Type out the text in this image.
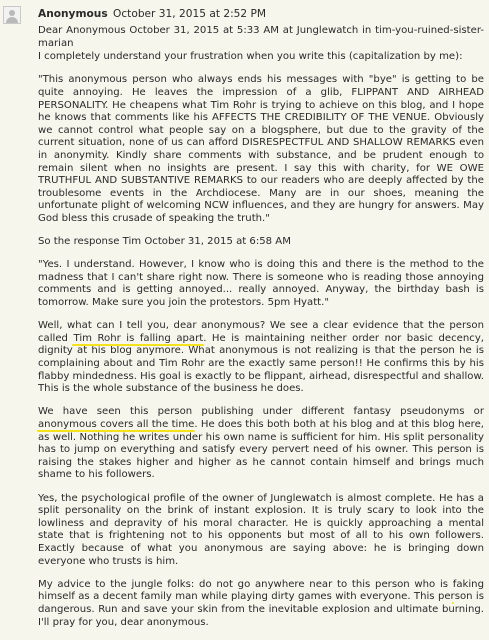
Anonymous October 31, 2015 at 2:52 PM

Dear Anonymous October 31, 2015 at 5:33 AM at Junglewatch in tim-you-ruined-sister-marian

I completely understand your frustration when you write this (capitalization by me):

"This anonymous person who always ends his messages with "bye" is getting to be quite annoying. He leaves the impression of a glib, FLIPPANT AND AIRHEAD PERSONALITY. He cheapens what Tim Rohr is trying to achieve on this blog, and I hope he knows that comments like his AFFECTS THE CREDIBILITY OF THE VENUE. Obviously we cannot control what people say on a blogsphere, but due to the gravity of the current situation, none of us can afford DISRESPECTFUL AND SHALLOW REMARKS even in anonymity. Kindly share comments with substance, and be prudent enough to remain silent when no insights are present. I say this with charity, for WE OWE TRUTHFUL AND SUBSTANTIVE REMARKS to our readers who are deeply affected by the troublesome events in the Archdiocese. Many are in our shoes, meaning the unfortunate plight of welcoming NCW influences, and they are hungry for answers. May God bless this crusade of speaking the truth."

So the response Tim October 31, 2015 at 6:58 AM

"Yes. I understand. However, I know who is doing this and there is the method to the madness that I can't share right now. There is someone who is reading those annoying comments and is getting annoyed... really annoyed. Anyway, the birthday bash is tomorrow. Make sure you join the protestors. 5pm Hyatt."

Well, what can I tell you, dear anonymous? We see a clear evidence that the person called Tim Rohr is falling apart. He is maintaining neither order nor basic decency, dignity at his blog anymore. What anonymous is not realizing is that the person he is complaining about and Tim Rohr are the exactly same person!! He confirms this by his flabby mindedness. His goal is exactly to be flippant, airhead, disrespectful and shallow. This is the whole substance of the business he does.

We have seen this person publishing under different fantasy pseudonyms or anonymous covers all the time. He does this both both at his blog and at this blog here, as well. Nothing he writes under his own name is sufficient for him. His split personality has to jump on everything and satisfy every pervert need of his owner. This person is raising the stakes higher and higher as he cannot contain himself and brings much shame to his followers.

Yes, the psychological profile of the owner of Junglewatch is almost complete. He has a split personality on the brink of instant explosion. It is truly scary to look into the lowliness and depravity of his moral character. He is quickly approaching a mental state that is frightening not to his opponents but most of all to his own followers. Exactly because of what you anonymous are saying above: he is bringing down everyone who trusts is him.

My advice to the jungle folks: do not go anywhere near to this person who is faking himself as a decent family man while playing dirty games with everyone. This person is dangerous. Run and save your skin from the inevitable explosion and ultimate burning. I'll pray for you, dear anonymous.
